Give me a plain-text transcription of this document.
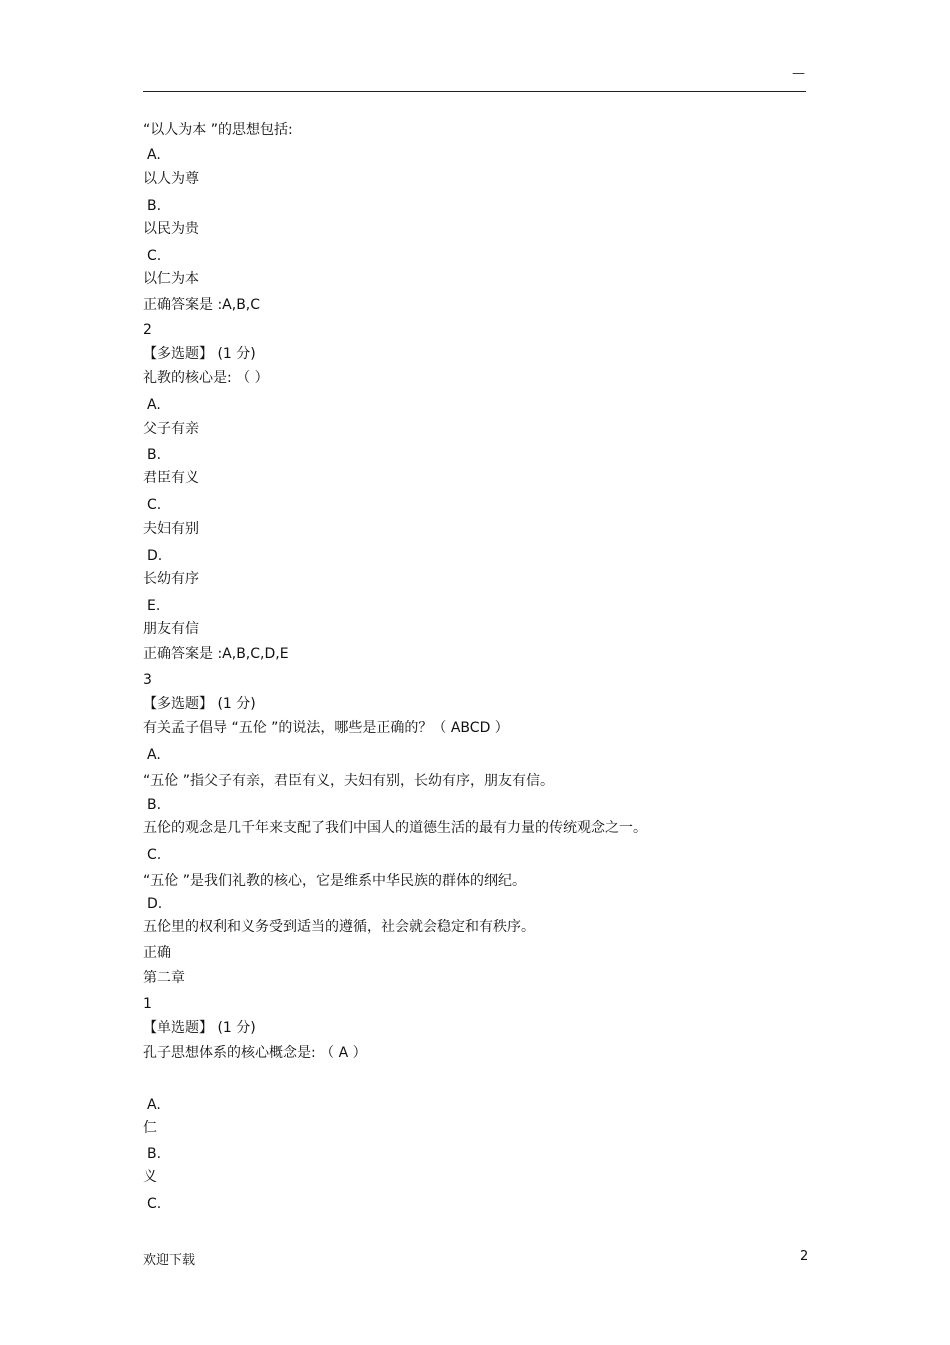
—
“以人为本 ”的思想包括:
A.
以人为尊
B.
以民为贵
C.
以仁为本
正确答案是 :A,B,C
2
【多选题】 (1 分)
礼教的核心是: （ ）
A.
父子有亲
B.
君臣有义
C.
夫妇有别
D.
长幼有序
E.
朋友有信
正确答案是 :A,B,C,D,E
3
【多选题】 (1 分)
有关孟子倡导 “五伦 ”的说法，哪些是正确的？（ ABCD ）
A.
“五伦 ”指父子有亲，君臣有义，夫妇有别，长幼有序，朋友有信。
B.
五伦的观念是几千年来支配了我们中国人的道德生活的最有力量的传统观念之一。
C.
“五伦 ”是我们礼教的核心，它是维系中华民族的群体的纲纪。
D.
五伦里的权利和义务受到适当的遵循，社会就会稳定和有秩序。
正确
第二章
1
【单选题】 (1 分)
孔子思想体系的核心概念是: （ A ）
A.
仁
B.
义
C.
欢迎下载	2
